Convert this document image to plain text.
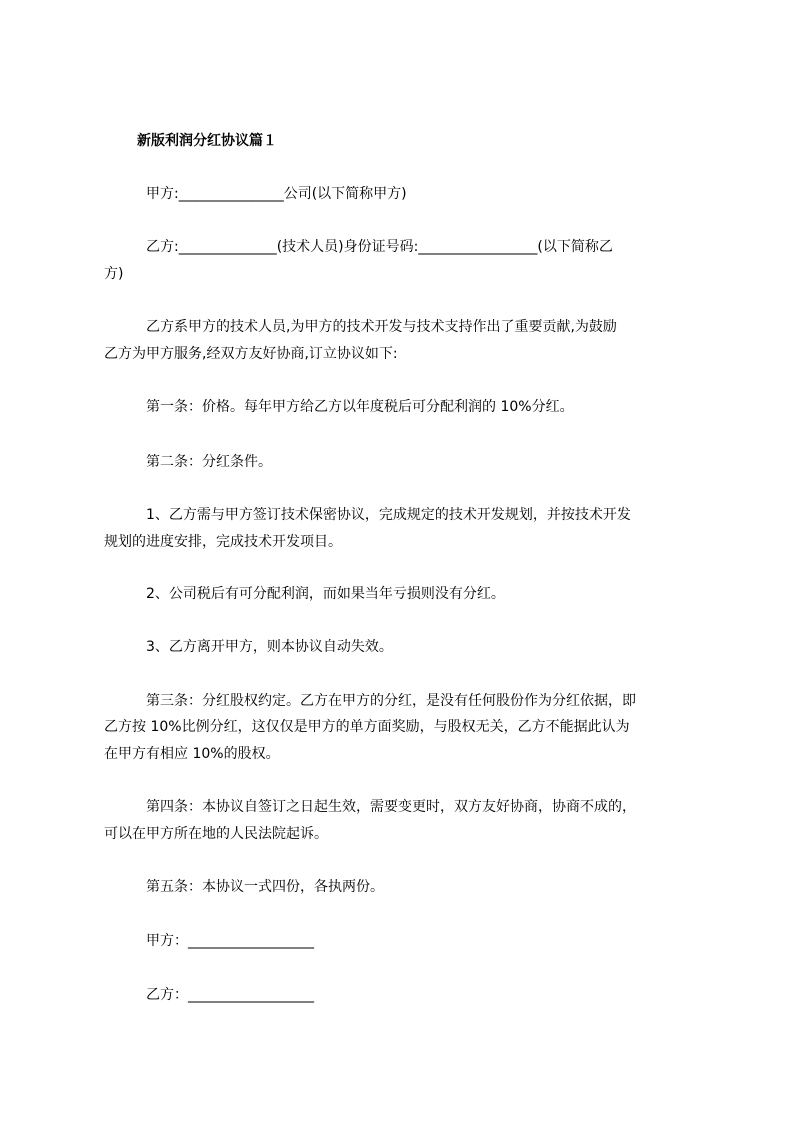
新版利润分红协议篇１
甲方:_______________公司(以下简称甲方)
乙方:______________(技术人员)身份证号码:_________________(以下简称乙
方)
乙方系甲方的技术人员,为甲方的技术开发与技术支持作出了重要贡献,为鼓励
乙方为甲方服务,经双方友好协商,订立协议如下:
第一条：价格。每年甲方给乙方以年度税后可分配利润的 10%分红。
第二条：分红条件。
1、乙方需与甲方签订技术保密协议，完成规定的技术开发规划，并按技术开发
规划的进度安排，完成技术开发项目。
2、公司税后有可分配利润，而如果当年亏损则没有分红。
3、乙方离开甲方，则本协议自动失效。
第三条：分红股权约定。乙方在甲方的分红，是没有任何股份作为分红依据，即
乙方按 10%比例分红，这仅仅是甲方的单方面奖励，与股权无关，乙方不能据此认为
在甲方有相应 10%的股权。
第四条：本协议自签订之日起生效，需要变更时，双方友好协商，协商不成的，
可以在甲方所在地的人民法院起诉。
第五条：本协议一式四份，各执两份。
甲方：__________________
乙方：__________________
